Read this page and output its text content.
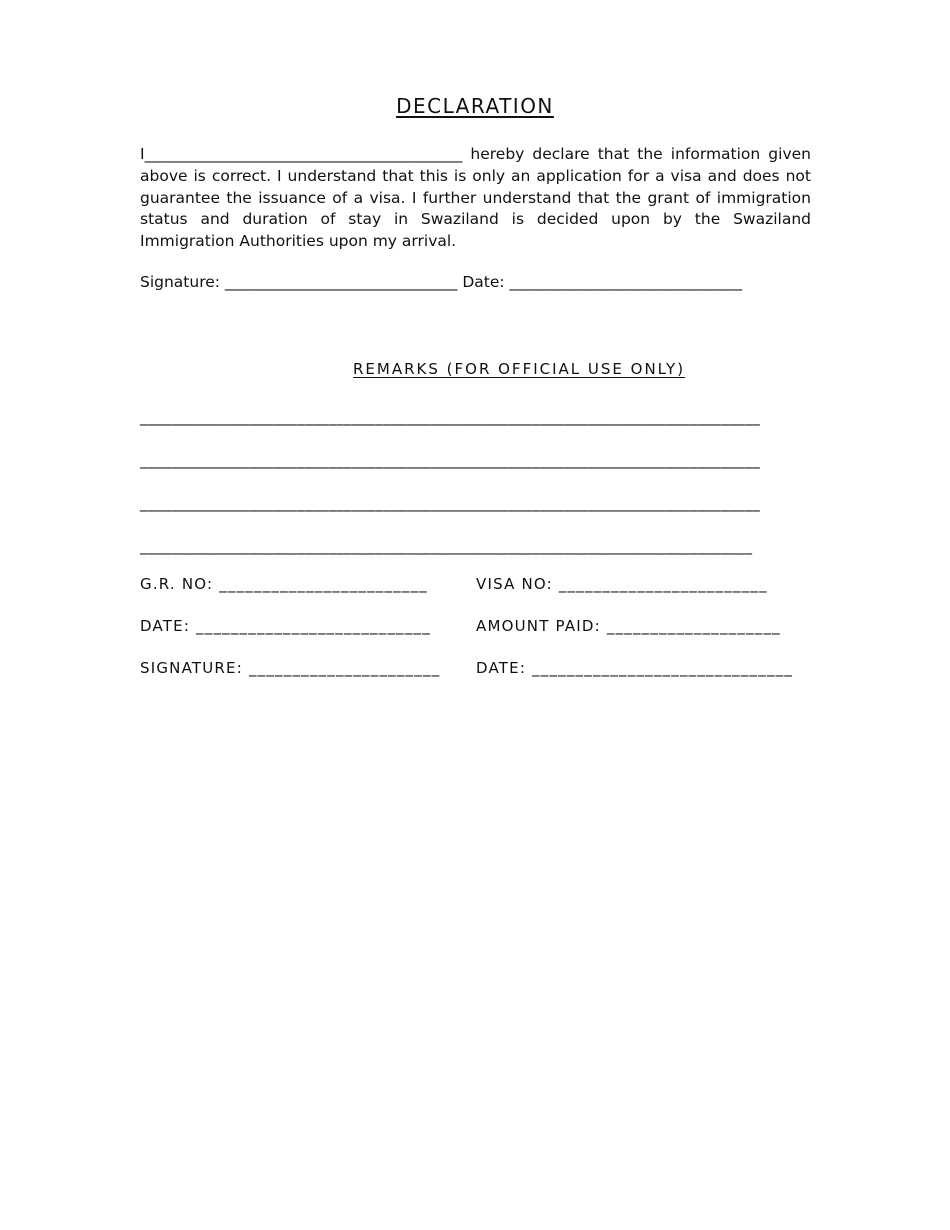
DECLARATION
I_________________________________________ hereby declare that the information given above is correct. I understand that this is only an application for a visa and does not guarantee the issuance of a visa. I further understand that the grant of immigration status and duration of stay in Swaziland is decided upon by the Swaziland Immigration Authorities upon my arrival.
Signature: ______________________________ Date: ______________________________
REMARKS (FOR OFFICIAL USE ONLY)
_______________________________________________________________________________
_______________________________________________________________________________
_______________________________________________________________________________
______________________________________________________________________________
G.R. NO: ________________________	VISA NO: ________________________
DATE: ___________________________	AMOUNT PAID: ____________________
SIGNATURE: ______________________ DATE: ______________________________
